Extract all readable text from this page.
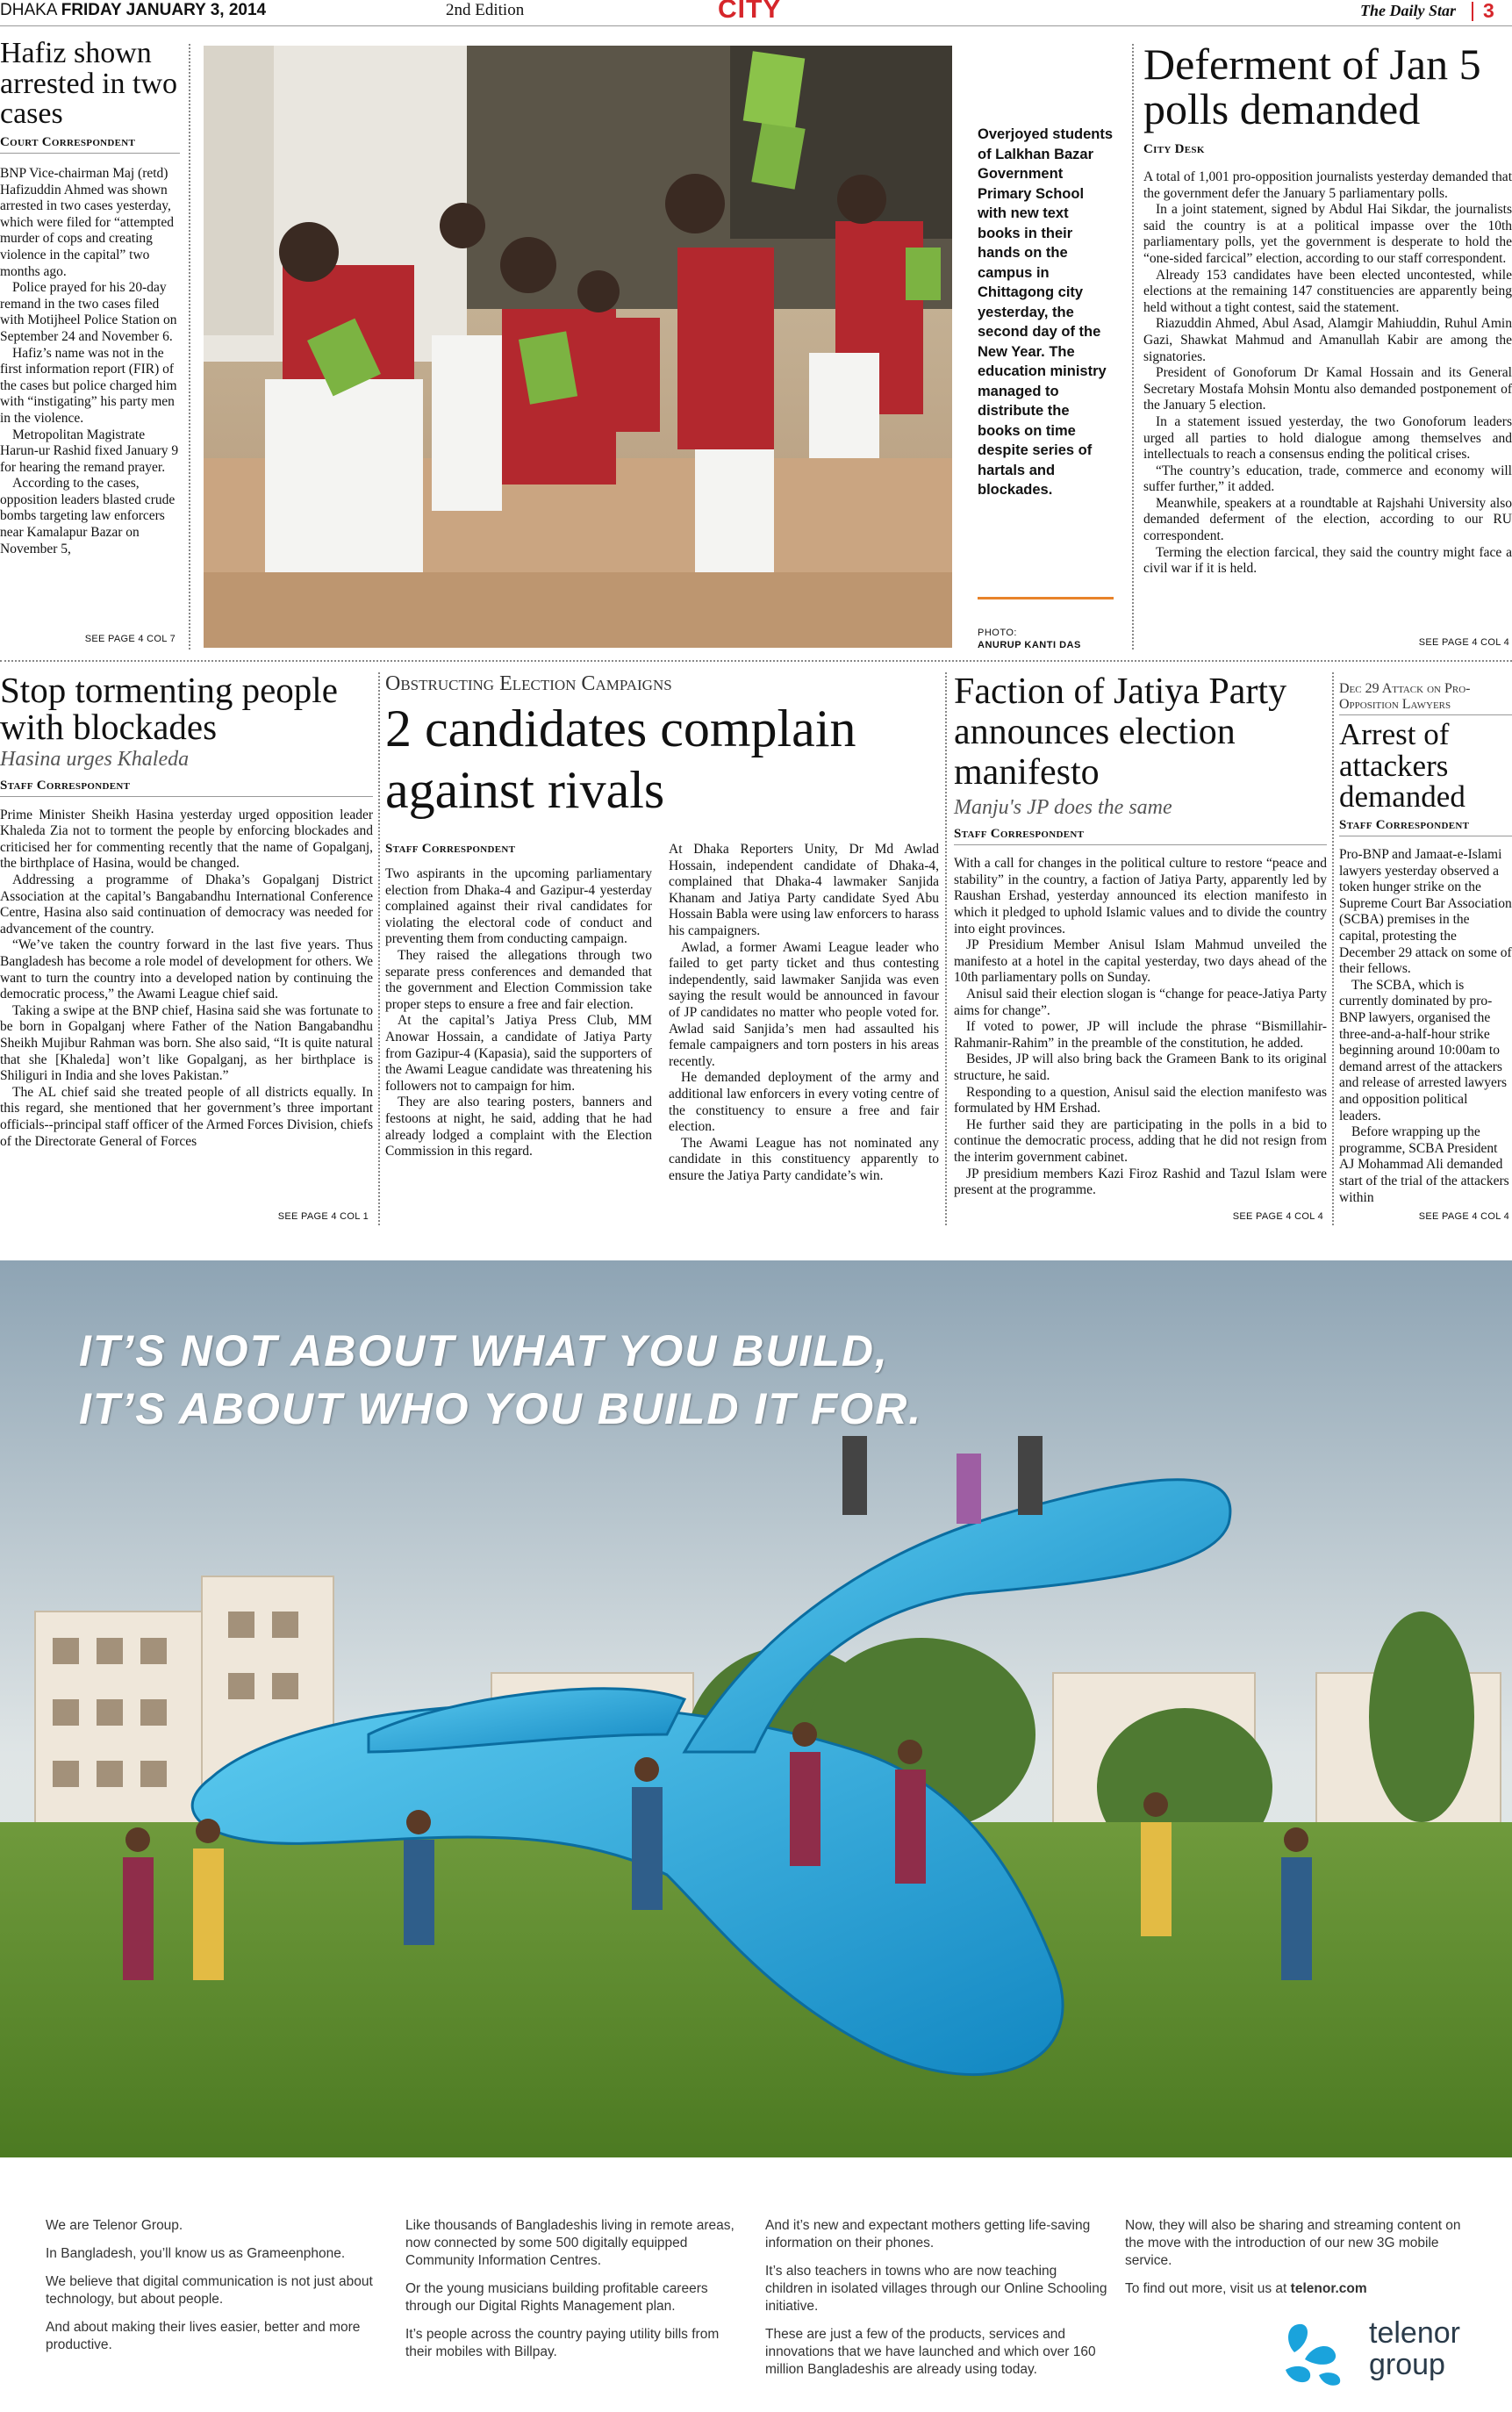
DHAKA FRIDAY JANUARY 3, 2014	2nd Edition	CITY	The Daily Star 3
Hafiz shown arrested in two cases
Court Correspondent

BNP Vice-chairman Maj (retd) Hafizuddin Ahmed was shown arrested in two cases yesterday, which were filed for “attempted murder of cops and creating violence in the capital” two months ago.

Police prayed for his 20-day remand in the two cases filed with Motijheel Police Station on September 24 and November 6.

Hafiz’s name was not in the first information report (FIR) of the cases but police charged him with “instigating” his party men in the violence.

Metropolitan Magistrate Harun-ur Rashid fixed January 9 for hearing the remand prayer.

According to the cases, opposition leaders blasted crude bombs targeting law enforcers near Kamalapur Bazar on November 5,

SEE PAGE 4 COL 7
Overjoyed students of Lalkhan Bazar Government Primary School with new text books in their hands on the campus in Chittagong city yesterday, the second day of the New Year. The education ministry managed to distribute the books on time despite series of hartals and blockades.
PHOTO:
ANURUP KANTI DAS
Deferment of Jan 5 polls demanded
City Desk

A total of 1,001 pro-opposition journalists yesterday demanded that the government defer the January 5 parliamentary polls.

In a joint statement, signed by Abdul Hai Sikdar, the journalists said the country is at a political impasse over the 10th parliamentary polls, yet the government is desperate to hold the “one-sided farcical” election, according to our staff correspondent.

Already 153 candidates have been elected uncontested, while elections at the remaining 147 constituencies are apparently being held without a tight contest, said the statement.

Riazuddin Ahmed, Abul Asad, Alamgir Mahiuddin, Ruhul Amin Gazi, Shawkat Mahmud and Amanullah Kabir are among the signatories.

President of Gonoforum Dr Kamal Hossain and its General Secretary Mostafa Mohsin Montu also demanded postponement of the January 5 election.

In a statement issued yesterday, the two Gonoforum leaders urged all parties to hold dialogue among themselves and intellectuals to reach a consensus ending the political crises.

“The country’s education, trade, commerce and economy will suffer further,” it added.

Meanwhile, speakers at a roundtable at Rajshahi University also demanded deferment of the election, according to our RU correspondent.

Terming the election farcical, they said the country might face a civil war if it is held.

SEE PAGE 4 COL 4
Stop tormenting people with blockades
Hasina urges Khaleda
Staff Correspondent

Prime Minister Sheikh Hasina yesterday urged opposition leader Khaleda Zia not to torment the people by enforcing blockades and criticised her for commenting recently that the name of Gopalganj, the birthplace of Hasina, would be changed.

Addressing a programme of Dhaka’s Gopalganj District Association at the capital’s Bangabandhu International Conference Centre, Hasina also said continuation of democracy was needed for advancement of the country.

“We’ve taken the country forward in the last five years. Thus Bangladesh has become a role model of development for others. We want to turn the country into a developed nation by continuing the democratic process,” the Awami League chief said.

Taking a swipe at the BNP chief, Hasina said she was fortunate to be born in Gopalganj where Father of the Nation Bangabandhu Sheikh Mujibur Rahman was born. She also said, “It is quite natural that she [Khaleda] won’t like Gopalganj, as her birthplace is Shiliguri in India and she loves Pakistan.”

The AL chief said she treated people of all districts equally. In this regard, she mentioned that her government’s three important officials--principal staff officer of the Armed Forces Division, chiefs of the Directorate General of Forces

SEE PAGE 4 COL 1
Obstructing Election Campaigns
2 candidates complain against rivals
Staff Correspondent

Two aspirants in the upcoming parliamentary election from Dhaka-4 and Gazipur-4 yesterday complained against their rival candidates for violating the electoral code of conduct and preventing them from conducting campaign.

They raised the allegations through two separate press conferences and demanded that the government and Election Commission take proper steps to ensure a free and fair election.

At the capital’s Jatiya Press Club, MM Anowar Hossain, a candidate of Jatiya Party from Gazipur-4 (Kapasia), said the supporters of the Awami League candidate was threatening his followers not to campaign for him.

They are also tearing posters, banners and festoons at night, he said, adding that he had already lodged a complaint with the Election Commission in this regard.

At Dhaka Reporters Unity, Dr Md Awlad Hossain, independent candidate of Dhaka-4, complained that Dhaka-4 lawmaker Sanjida Khanam and Jatiya Party candidate Syed Abu Hossain Babla were using law enforcers to harass his campaigners.

Awlad, a former Awami League leader who failed to get party ticket and thus contesting independently, said lawmaker Sanjida was even saying the result would be announced in favour of JP candidates no matter who people voted for. Awlad said Sanjida’s men had assaulted his female campaigners and torn posters in his areas recently.

He demanded deployment of the army and additional law enforcers in every voting centre of the constituency to ensure a free and fair election.

The Awami League has not nominated any candidate in this constituency apparently to ensure the Jatiya Party candidate’s win.

Faction of Jatiya Party announces election manifesto
Manju's JP does the same
Staff Correspondent

With a call for changes in the political culture to restore “peace and stability” in the country, a faction of Jatiya Party, apparently led by Raushan Ershad, yesterday announced its election manifesto in which it pledged to uphold Islamic values and to divide the country into eight provinces.

JP Presidium Member Anisul Islam Mahmud unveiled the manifesto at a hotel in the capital yesterday, two days ahead of the 10th parliamentary polls on Sunday.

Anisul said their election slogan is “change for peace-Jatiya Party aims for change”.

If voted to power, JP will include the phrase “Bismillahir-Rahmanir-Rahim” in the preamble of the constitution, he added.

Besides, JP will also bring back the Grameen Bank to its original structure, he said.

Responding to a question, Anisul said the election manifesto was formulated by HM Ershad.

He further said they are participating in the polls in a bid to continue the democratic process, adding that he did not resign from the interim government cabinet.

JP presidium members Kazi Firoz Rashid and Tazul Islam were present at the programme.

SEE PAGE 4 COL 4
Dec 29 Attack on Pro-Opposition Lawyers
Arrest of attackers demanded
Staff Correspondent

Pro-BNP and Jamaat-e-Islami lawyers yesterday observed a token hunger strike on the Supreme Court Bar Association (SCBA) premises in the capital, protesting the December 29 attack on some of their fellows.

The SCBA, which is currently dominated by pro-BNP lawyers, organised the three-and-a-half-hour strike beginning around 10:00am to demand arrest of the attackers and release of arrested lawyers and opposition political leaders.

Before wrapping up the programme, SCBA President AJ Mohammad Ali demanded start of the trial of the attackers within

SEE PAGE 4 COL 4
IT’S NOT ABOUT WHAT YOU BUILD,
IT’S ABOUT WHO YOU BUILD IT FOR.

We are Telenor Group.

In Bangladesh, you’ll know us as Grameenphone.

We believe that digital communication is not just about technology, but about people.

And about making their lives easier, better and more productive.

Like thousands of Bangladeshis living in remote areas, now connected by some 500 digitally equipped Community Information Centres.

Or the young musicians building profitable careers through our Digital Rights Management plan.

It’s people across the country paying utility bills from their mobiles with Billpay.

And it’s new and expectant mothers getting life-saving information on their phones.

It’s also teachers in towns who are now teaching children in isolated villages through our Online Schooling initiative.

These are just a few of the products, services and innovations that we have launched and which over 160 million Bangladeshis are already using today.

Now, they will also be sharing and streaming content on the move with the introduction of our new 3G mobile service.

To find out more, visit us at telenor.com

telenor
group
